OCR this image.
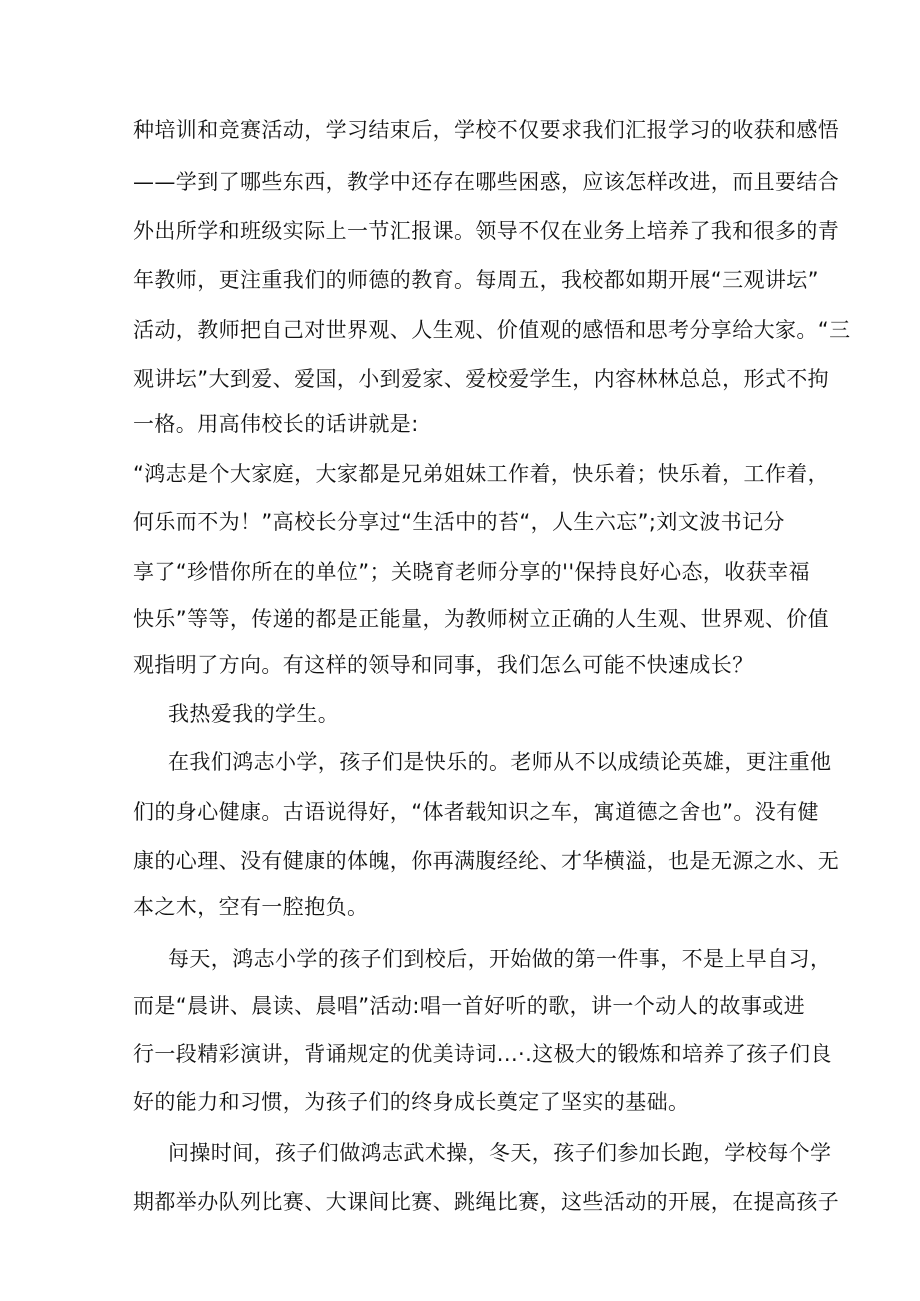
种培训和竞赛活动，学习结束后，学校不仅要求我们汇报学习的收获和感悟
——学到了哪些东西，教学中还存在哪些困惑，应该怎样改进，而且要结合
外出所学和班级实际上一节汇报课。领导不仅在业务上培养了我和很多的青
年教师，更注重我们的师德的教育。每周五，我校都如期开展“三观讲坛”
活动，教师把自己对世界观、人生观、价值观的感悟和思考分享给大家。“三
观讲坛”大到爱、爱国，小到爱家、爱校爱学生，内容林林总总，形式不拘
一格。用高伟校长的话讲就是:
“鸿志是个大家庭，大家都是兄弟姐妹工作着，快乐着；快乐着，工作着，
何乐而不为！”高校长分享过“生活中的苔“，人生六忘”;刘文波书记分
享了“珍惜你所在的单位”；关晓育老师分享的''保持良好心态，收获幸福
快乐”等等，传递的都是正能量，为教师树立正确的人生观、世界观、价值
观指明了方向。有这样的领导和同事，我们怎么可能不快速成长？
我热爱我的学生。
在我们鸿志小学，孩子们是快乐的。老师从不以成绩论英雄，更注重他
们的身心健康。古语说得好，“体者载知识之车，寓道德之舍也”。没有健
康的心理、没有健康的体魄，你再满腹经纶、才华横溢，也是无源之水、无
本之木，空有一腔抱负。
每天，鸿志小学的孩子们到校后，开始做的第一件事，不是上早自习，
而是“晨讲、晨读、晨唱”活动:唱一首好听的歌，讲一个动人的故事或进
行一段精彩演讲，背诵规定的优美诗词...·.这极大的锻炼和培养了孩子们良
好的能力和习惯，为孩子们的终身成长奠定了坚实的基础。
问操时间，孩子们做鸿志武术操，冬天，孩子们参加长跑，学校每个学
期都举办队列比赛、大课间比赛、跳绳比赛，这些活动的开展，在提高孩子
